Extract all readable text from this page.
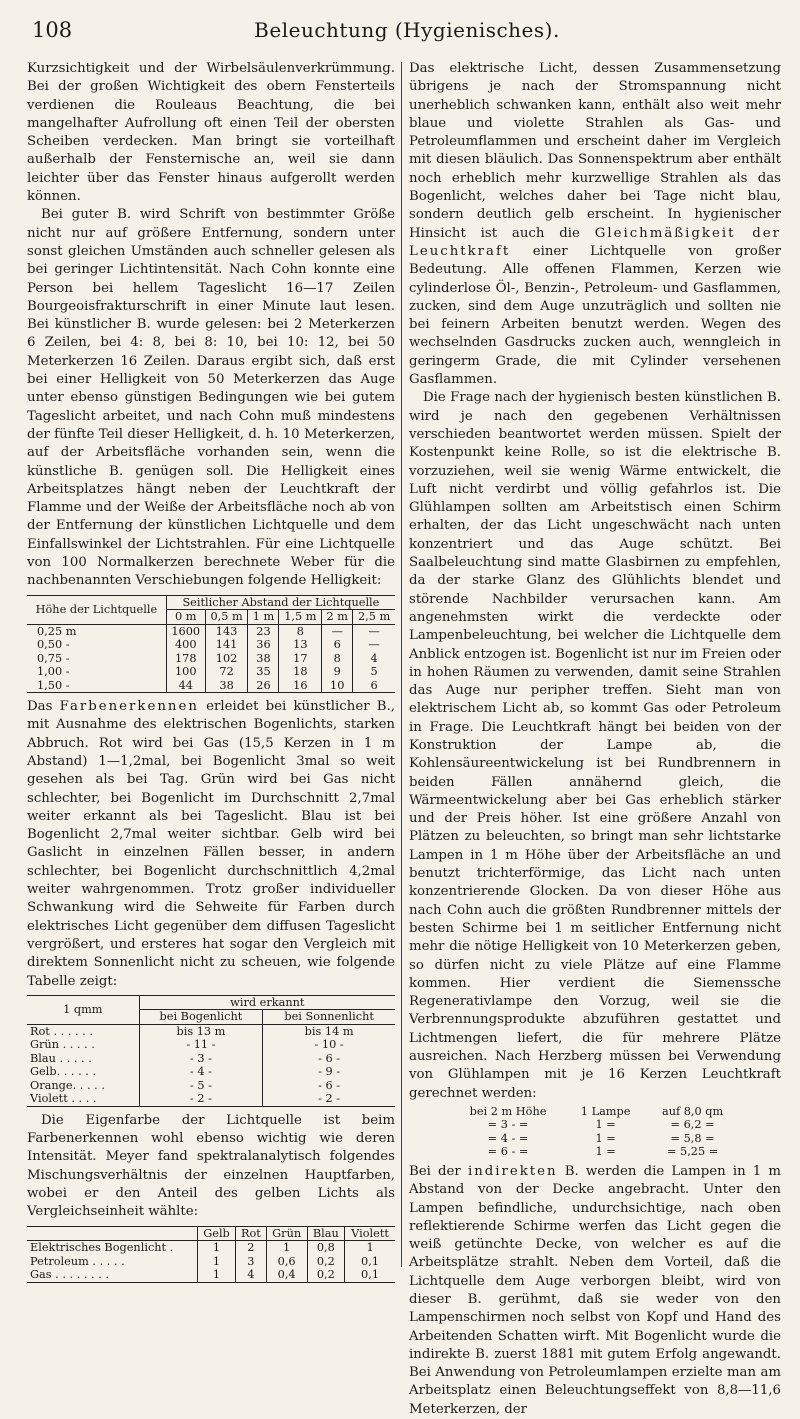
108	Beleuchtung (Hygienisches).

Kurzsichtigkeit und der Wirbelsäulenverkrümmung. Bei der großen Wichtigkeit des obern Fensterteils verdienen die Rouleaus Beachtung, die bei mangelhafter Aufrollung oft einen Teil der obersten Scheiben verdecken. Man bringt sie vorteilhaft außerhalb der Fensternische an, weil sie dann leichter über das Fenster hinaus aufgerollt werden können.

Bei guter B. wird Schrift von bestimmter Größe nicht nur auf größere Entfernung, sondern unter sonst gleichen Umständen auch schneller gelesen als bei geringer Lichtintensität. Nach Cohn konnte eine Person bei hellem Tageslicht 16—17 Zeilen Bourgeoisfrakturschrift in einer Minute laut lesen. Bei künstlicher B. wurde gelesen: bei 2 Meterkerzen 6 Zeilen, bei 4: 8, bei 8: 10, bei 10: 12, bei 50 Meterkerzen 16 Zeilen. Daraus ergibt sich, daß erst bei einer Helligkeit von 50 Meterkerzen das Auge unter ebenso günstigen Bedingungen wie bei gutem Tageslicht arbeitet, und nach Cohn muß mindestens der fünfte Teil dieser Helligkeit, d. h. 10 Meterkerzen, auf der Arbeitsfläche vorhanden sein, wenn die künstliche B. genügen soll. Die Helligkeit eines Arbeitsplatzes hängt neben der Leuchtkraft der Flamme und der Weiße der Arbeitsfläche noch ab von der Entfernung der künstlichen Lichtquelle und dem Einfallswinkel der Lichtstrahlen. Für eine Lichtquelle von 100 Normalkerzen berechnete Weber für die nachbenannten Verschiebungen folgende Helligkeit:

Höhe der Lichtquelle	Seitlicher Abstand der Lichtquelle					
	0 m	0,5 m	1 m	1,5 m	2 m	2,5 m
0,25 m	1600	143	23	8	—	—
0,50 -	400	141	36	13	6	—
0,75 -	178	102	38	17	8	4
1,00 -	100	72	35	18	9	5
1,50 -	44	38	26	16	10	6

Das Farbenerkennen erleidet bei künstlicher B., mit Ausnahme des elektrischen Bogenlichts, starken Abbruch. Rot wird bei Gas (15,5 Kerzen in 1 m Abstand) 1—1,2mal, bei Bogenlicht 3mal so weit gesehen als bei Tag. Grün wird bei Gas nicht schlechter, bei Bogenlicht im Durchschnitt 2,7mal weiter erkannt als bei Tageslicht. Blau ist bei Bogenlicht 2,7mal weiter sichtbar. Gelb wird bei Gaslicht in einzelnen Fällen besser, in andern schlechter, bei Bogenlicht durchschnittlich 4,2mal weiter wahrgenommen. Trotz großer individueller Schwankung wird die Sehweite für Farben durch elektrisches Licht gegenüber dem diffusen Tageslicht vergrößert, und ersteres hat sogar den Vergleich mit direktem Sonnenlicht nicht zu scheuen, wie folgende Tabelle zeigt:

1 qmm	wird erkannt	
	bei Bogenlicht	bei Sonnenlicht
Rot . . . . . .	bis 13 m	bis 14 m
Grün . . . . .	- 11 -	- 10 -
Blau . . . . .	- 3 -	- 6 -
Gelb. . . . . .	- 4 -	- 9 -
Orange. . . . .	- 5 -	- 6 -
Violett . . . .	- 2 -	- 2 -

Die Eigenfarbe der Lichtquelle ist beim Farbenerkennen wohl ebenso wichtig wie deren Intensität. Meyer fand spektralanalytisch folgendes Mischungsverhältnis der einzelnen Hauptfarben, wobei er den Anteil des gelben Lichts als Vergleichseinheit wählte:

	Gelb	Rot	Grün	Blau	Violett
Elektrisches Bogenlicht .	1	2	1	0,8	1
Petroleum . . . . .	1	3	0,6	0,2	0,1
Gas . . . . . . . .	1	4	0,4	0,2	0,1

Das elektrische Licht, dessen Zusammensetzung übrigens je nach der Stromspannung nicht unerheblich schwanken kann, enthält also weit mehr blaue und violette Strahlen als Gas- und Petroleumflammen und erscheint daher im Vergleich mit diesen bläulich. Das Sonnenspektrum aber enthält noch erheblich mehr kurzwellige Strahlen als das Bogenlicht, welches daher bei Tage nicht blau, sondern deutlich gelb erscheint. In hygienischer Hinsicht ist auch die Gleichmäßigkeit der Leuchtkraft einer Lichtquelle von großer Bedeutung. Alle offenen Flammen, Kerzen wie cylinderlose Öl-, Benzin-, Petroleum- und Gasflammen, zucken, sind dem Auge unzuträglich und sollten nie bei feinern Arbeiten benutzt werden. Wegen des wechselnden Gasdrucks zucken auch, wenngleich in geringerm Grade, die mit Cylinder versehenen Gasflammen.

Die Frage nach der hygienisch besten künstlichen B. wird je nach den gegebenen Verhältnissen verschieden beantwortet werden müssen. Spielt der Kostenpunkt keine Rolle, so ist die elektrische B. vorzuziehen, weil sie wenig Wärme entwickelt, die Luft nicht verdirbt und völlig gefahrlos ist. Die Glühlampen sollten am Arbeitstisch einen Schirm erhalten, der das Licht ungeschwächt nach unten konzentriert und das Auge schützt. Bei Saalbeleuchtung sind matte Glasbirnen zu empfehlen, da der starke Glanz des Glühlichts blendet und störende Nachbilder verursachen kann. Am angenehmsten wirkt die verdeckte oder Lampenbeleuchtung, bei welcher die Lichtquelle dem Anblick entzogen ist. Bogenlicht ist nur im Freien oder in hohen Räumen zu verwenden, damit seine Strahlen das Auge nur peripher treffen. Sieht man von elektrischem Licht ab, so kommt Gas oder Petroleum in Frage. Die Leuchtkraft hängt bei beiden von der Konstruktion der Lampe ab, die Kohlensäureentwickelung ist bei Rundbrennern in beiden Fällen annähernd gleich, die Wärmeentwickelung aber bei Gas erheblich stärker und der Preis höher. Ist eine größere Anzahl von Plätzen zu beleuchten, so bringt man sehr lichtstarke Lampen in 1 m Höhe über der Arbeitsfläche an und benutzt trichterförmige, das Licht nach unten konzentrierende Glocken. Da von dieser Höhe aus nach Cohn auch die größten Rundbrenner mittels der besten Schirme bei 1 m seitlicher Entfernung nicht mehr die nötige Helligkeit von 10 Meterkerzen geben, so dürfen nicht zu viele Plätze auf eine Flamme kommen. Hier verdient die Siemenssche Regenerativlampe den Vorzug, weil sie die Verbrennungsprodukte abzuführen gestattet und Lichtmengen liefert, die für mehrere Plätze ausreichen. Nach Herzberg müssen bei Verwendung von Glühlampen mit je 16 Kerzen Leuchtkraft gerechnet werden:

bei 2 m Höhe	1 Lampe	auf 8,0 qm
= 3 - =	1 =	= 6,2 =
= 4 - =	1 =	= 5,8 =
= 6 - =	1 =	= 5,25 =

Bei der indirekten B. werden die Lampen in 1 m Abstand von der Decke angebracht. Unter den Lampen befindliche, undurchsichtige, nach oben reflektierende Schirme werfen das Licht gegen die weiß getünchte Decke, von welcher es auf die Arbeitsplätze strahlt. Neben dem Vorteil, daß die Lichtquelle dem Auge verborgen bleibt, wird von dieser B. gerühmt, daß sie weder von den Lampenschirmen noch selbst von Kopf und Hand des Arbeitenden Schatten wirft. Mit Bogenlicht wurde die indirekte B. zuerst 1881 mit gutem Erfolg angewandt. Bei Anwendung von Petroleumlampen erzielte man am Arbeitsplatz einen Beleuchtungseffekt von 8,8—11,6 Meterkerzen, der
